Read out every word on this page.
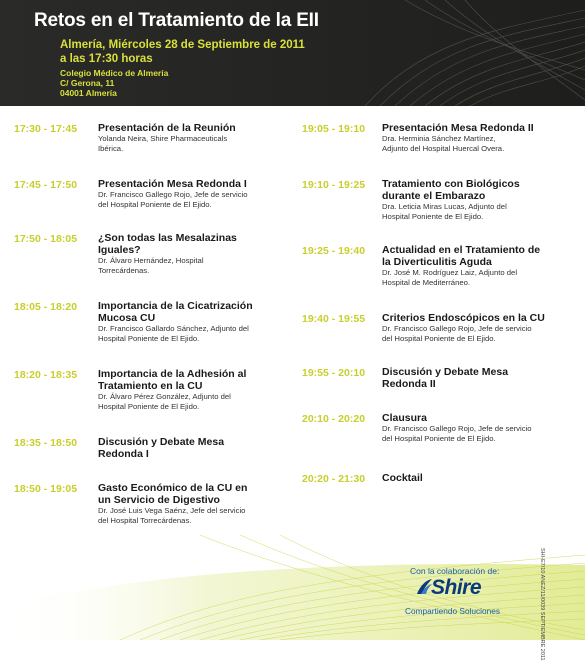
Retos en el Tratamiento de la EII
Almería, Miércoles 28 de Septiembre de 2011
a las 17:30 horas
Colegio Médico de Almería
C/ Gerona, 11
04001 Almería
17:30 - 17:45 Presentación de la Reunión
Yolanda Neira, Shire Pharmaceuticals
Ibérica.
17:45 - 17:50 Presentación Mesa Redonda I
Dr. Francisco Gallego Rojo, Jefe de servicio
del Hospital Poniente de El Ejido.
17:50 - 18:05 ¿Son todas las Mesalazinas
Iguales?
Dr. Álvaro Hernández, Hospital
Torrecárdenas.
18:05 - 18:20 Importancia de la Cicatrización
Mucosa CU
Dr. Francisco Gallardo Sánchez, Adjunto del
Hospital Poniente de El Ejido.
18:20 - 18:35 Importancia de la Adhesión al
Tratamiento en la CU
Dr. Álvaro Pérez González, Adjunto del
Hospital Poniente de El Ejido.
18:35 - 18:50 Discusión y Debate Mesa
Redonda I
18:50 - 19:05 Gasto Económico de la CU en
un Servicio de Digestivo
Dr. José Luis Vega Saénz, Jefe del servicio
del Hospital Torrecárdenas.
19:05 - 19:10 Presentación Mesa Redonda II
Dra. Herminia Sánchez Martínez,
Adjunto del Hospital Huercal Overa.
19:10 - 19:25 Tratamiento con Biológicos
durante el Embarazo
Dra. Leticia Miras Lucas, Adjunto del
Hospital Poniente de El Ejido.
19:25 - 19:40 Actualidad en el Tratamiento de
la Diverticulitis Aguda
Dr. José M. Rodríguez Laiz, Adjunto del
Hospital de Mediterráneo.
19:40 - 19:55 Criterios Endoscópicos en la CU
Dr. Francisco Gallego Rojo, Jefe de servicio
del Hospital Poniente de El Ejido.
19:55 - 20:10 Discusión y Debate Mesa
Redonda II
20:10 - 20:20 Clausura
Dr. Francisco Gallego Rojo, Jefe de servicio
del Hospital Poniente de El Ejido.
20:20 - 21:30 Cocktail
Con la colaboración de:
Shire
Compartiendo Soluciones	SHI-E7/10 ANEZ/11/0039 SEPTIEMBRE 2011
